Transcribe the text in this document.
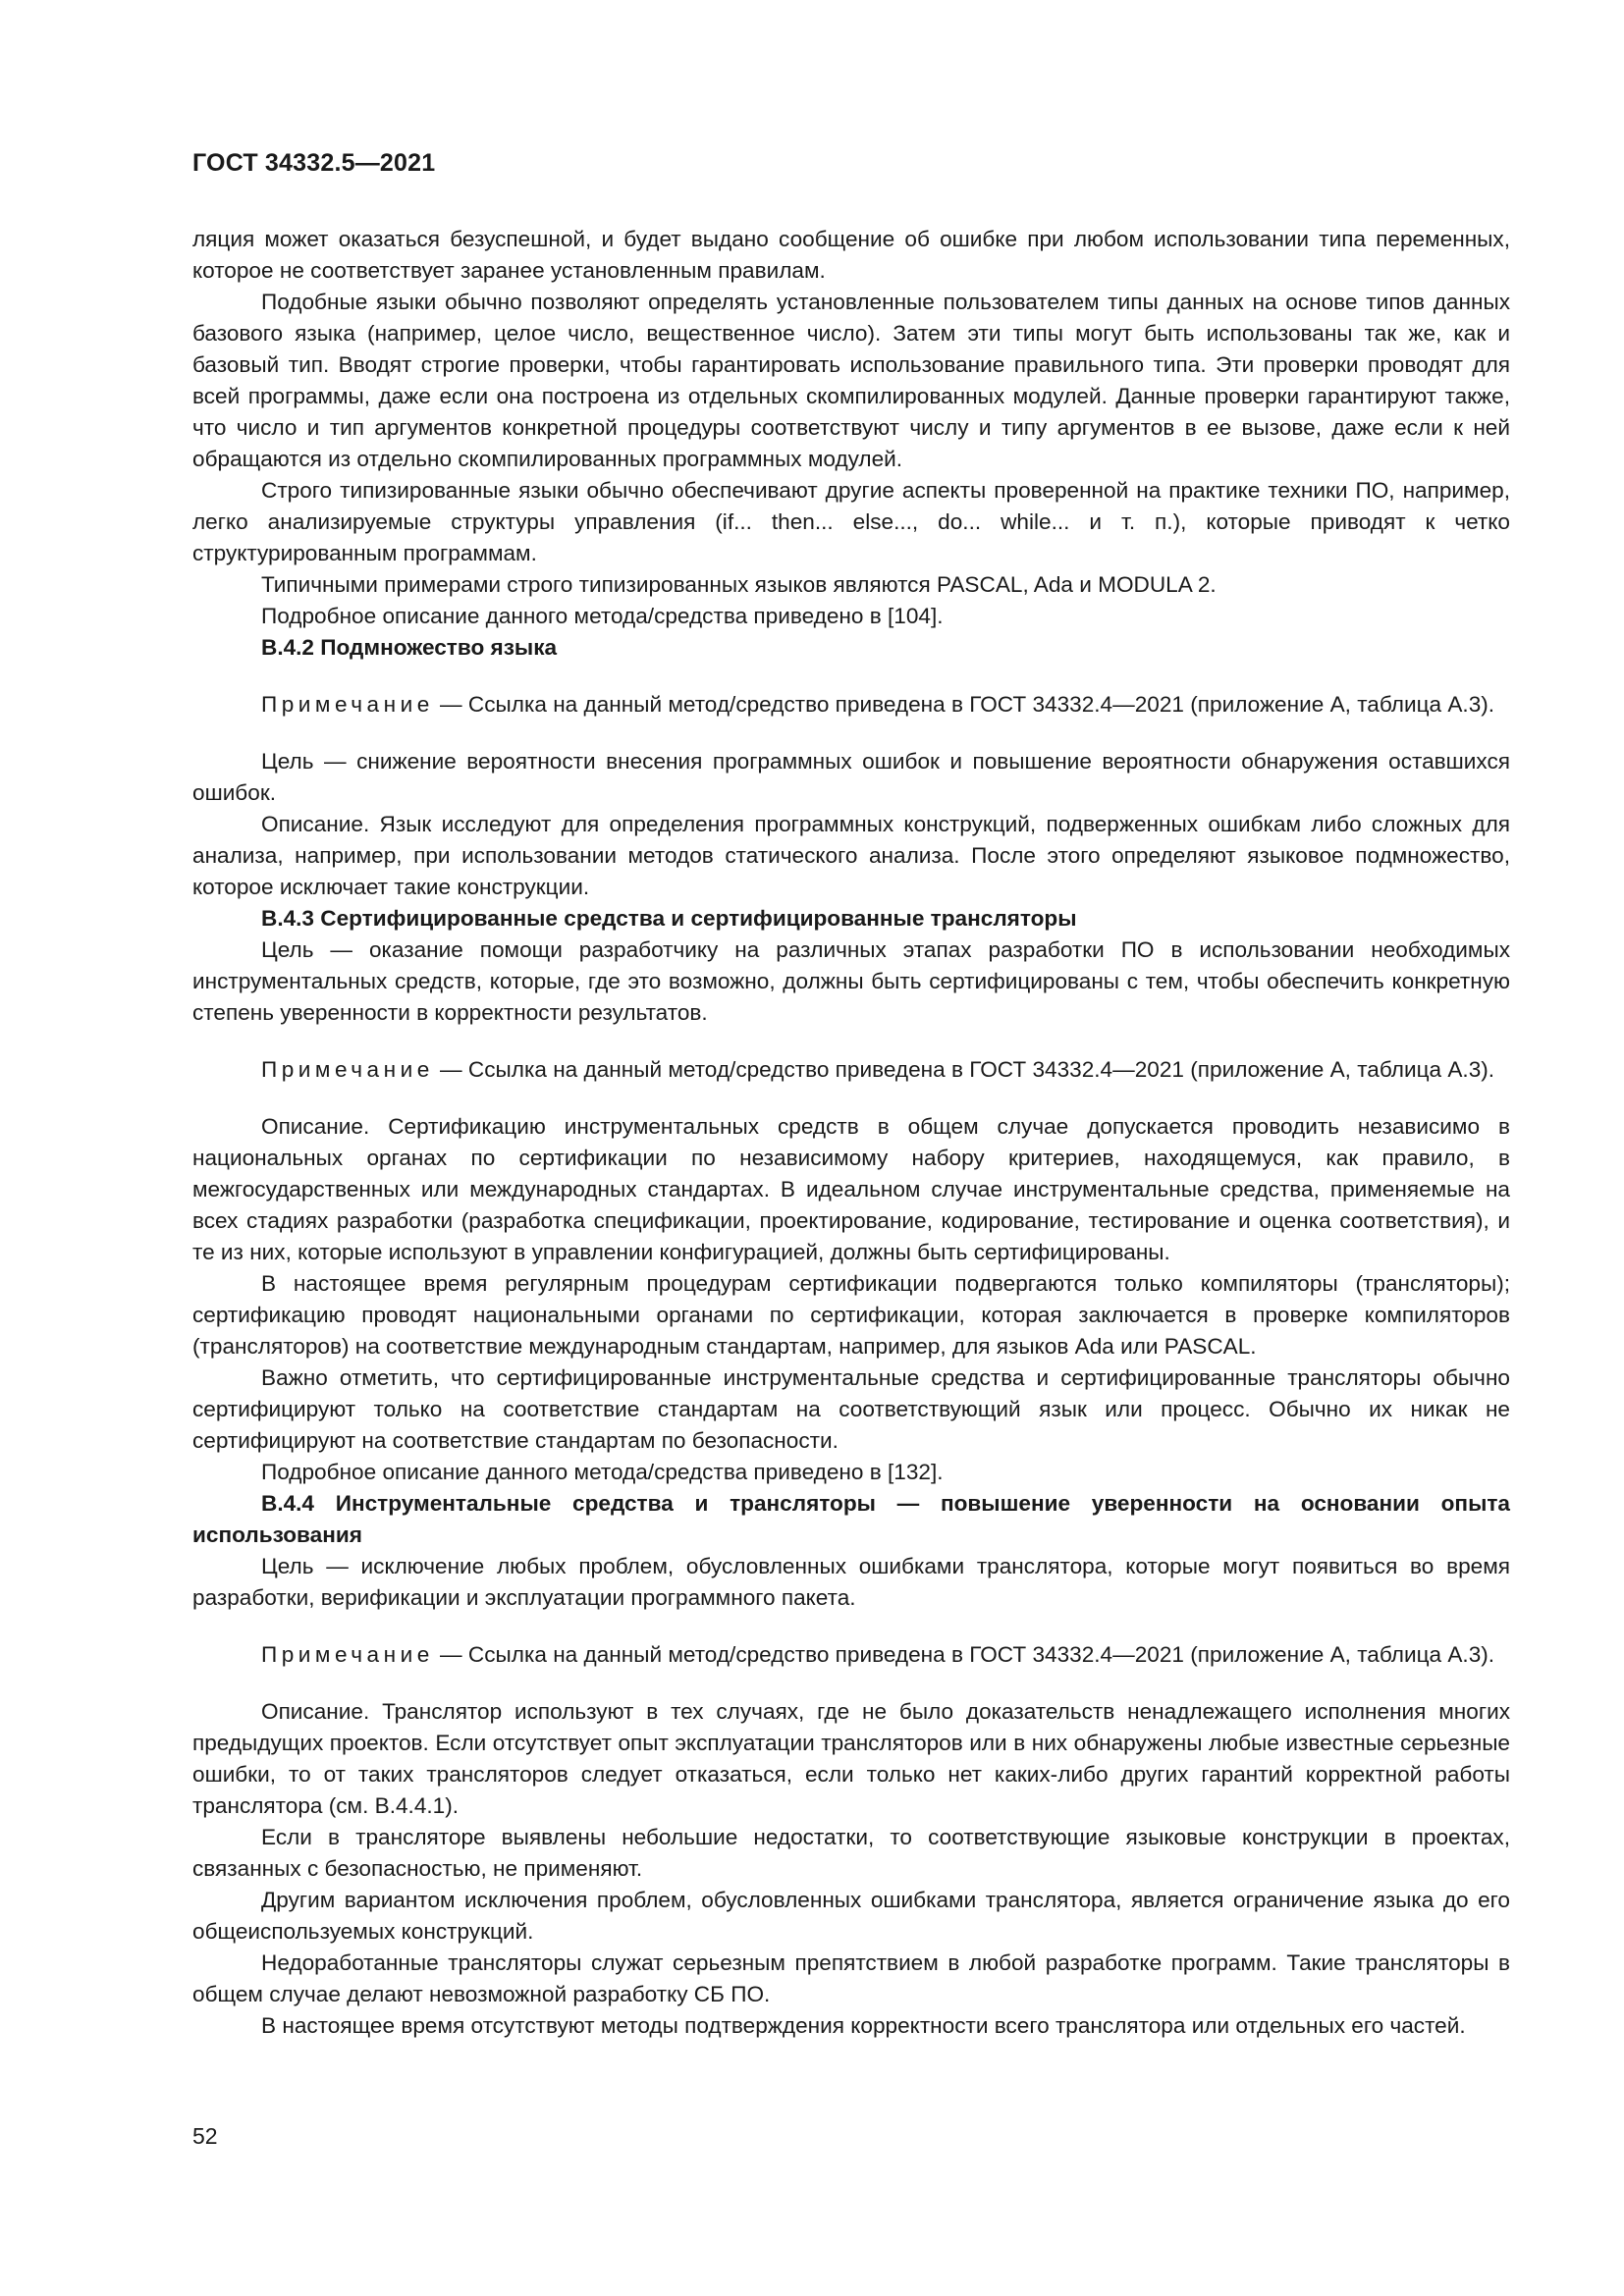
ГОСТ 34332.5—2021

ляция может оказаться безуспешной, и будет выдано сообщение об ошибке при любом использовании типа переменных, которое не соответствует заранее установленным правилам.

Подобные языки обычно позволяют определять установленные пользователем типы данных на основе типов данных базового языка (например, целое число, вещественное число). Затем эти типы могут быть использованы так же, как и базовый тип. Вводят строгие проверки, чтобы гарантировать использование правильного типа. Эти проверки проводят для всей программы, даже если она построена из отдельных скомпилированных модулей. Данные проверки гарантируют также, что число и тип аргументов конкретной процедуры соответствуют числу и типу аргументов в ее вызове, даже если к ней обращаются из отдельно скомпилированных программных модулей.

Строго типизированные языки обычно обеспечивают другие аспекты проверенной на практике техники ПО, например, легко анализируемые структуры управления (if... then... else..., do... while... и т. п.), которые приводят к четко структурированным программам.

Типичными примерами строго типизированных языков являются PASCAL, Ada и MODULA 2.

Подробное описание данного метода/средства приведено в [104].

В.4.2 Подмножество языка

Примечание — Ссылка на данный метод/средство приведена в ГОСТ 34332.4—2021 (приложение А, таблица А.3).

Цель — снижение вероятности внесения программных ошибок и повышение вероятности обнаружения оставшихся ошибок.

Описание. Язык исследуют для определения программных конструкций, подверженных ошибкам либо сложных для анализа, например, при использовании методов статического анализа. После этого определяют языковое подмножество, которое исключает такие конструкции.

В.4.3 Сертифицированные средства и сертифицированные трансляторы

Цель — оказание помощи разработчику на различных этапах разработки ПО в использовании необходимых инструментальных средств, которые, где это возможно, должны быть сертифицированы с тем, чтобы обеспечить конкретную степень уверенности в корректности результатов.

Примечание — Ссылка на данный метод/средство приведена в ГОСТ 34332.4—2021 (приложение А, таблица А.3).

Описание. Сертификацию инструментальных средств в общем случае допускается проводить независимо в национальных органах по сертификации по независимому набору критериев, находящемуся, как правило, в межгосударственных или международных стандартах. В идеальном случае инструментальные средства, применяемые на всех стадиях разработки (разработка спецификации, проектирование, кодирование, тестирование и оценка соответствия), и те из них, которые используют в управлении конфигурацией, должны быть сертифицированы.

В настоящее время регулярным процедурам сертификации подвергаются только компиляторы (трансляторы); сертификацию проводят национальными органами по сертификации, которая заключается в проверке компиляторов (трансляторов) на соответствие международным стандартам, например, для языков Ada или PASCAL.

Важно отметить, что сертифицированные инструментальные средства и сертифицированные трансляторы обычно сертифицируют только на соответствие стандартам на соответствующий язык или процесс. Обычно их никак не сертифицируют на соответствие стандартам по безопасности.

Подробное описание данного метода/средства приведено в [132].

В.4.4 Инструментальные средства и трансляторы — повышение уверенности на основании опыта использования

Цель — исключение любых проблем, обусловленных ошибками транслятора, которые могут появиться во время разработки, верификации и эксплуатации программного пакета.

Примечание — Ссылка на данный метод/средство приведена в ГОСТ 34332.4—2021 (приложение А, таблица А.3).

Описание. Транслятор используют в тех случаях, где не было доказательств ненадлежащего исполнения многих предыдущих проектов. Если отсутствует опыт эксплуатации трансляторов или в них обнаружены любые известные серьезные ошибки, то от таких трансляторов следует отказаться, если только нет каких-либо других гарантий корректной работы транслятора (см. В.4.4.1).

Если в трансляторе выявлены небольшие недостатки, то соответствующие языковые конструкции в проектах, связанных с безопасностью, не применяют.

Другим вариантом исключения проблем, обусловленных ошибками транслятора, является ограничение языка до его общеиспользуемых конструкций.

Недоработанные трансляторы служат серьезным препятствием в любой разработке программ. Такие трансляторы в общем случае делают невозможной разработку СБ ПО.

В настоящее время отсутствуют методы подтверждения корректности всего транслятора или отдельных его частей.

52
